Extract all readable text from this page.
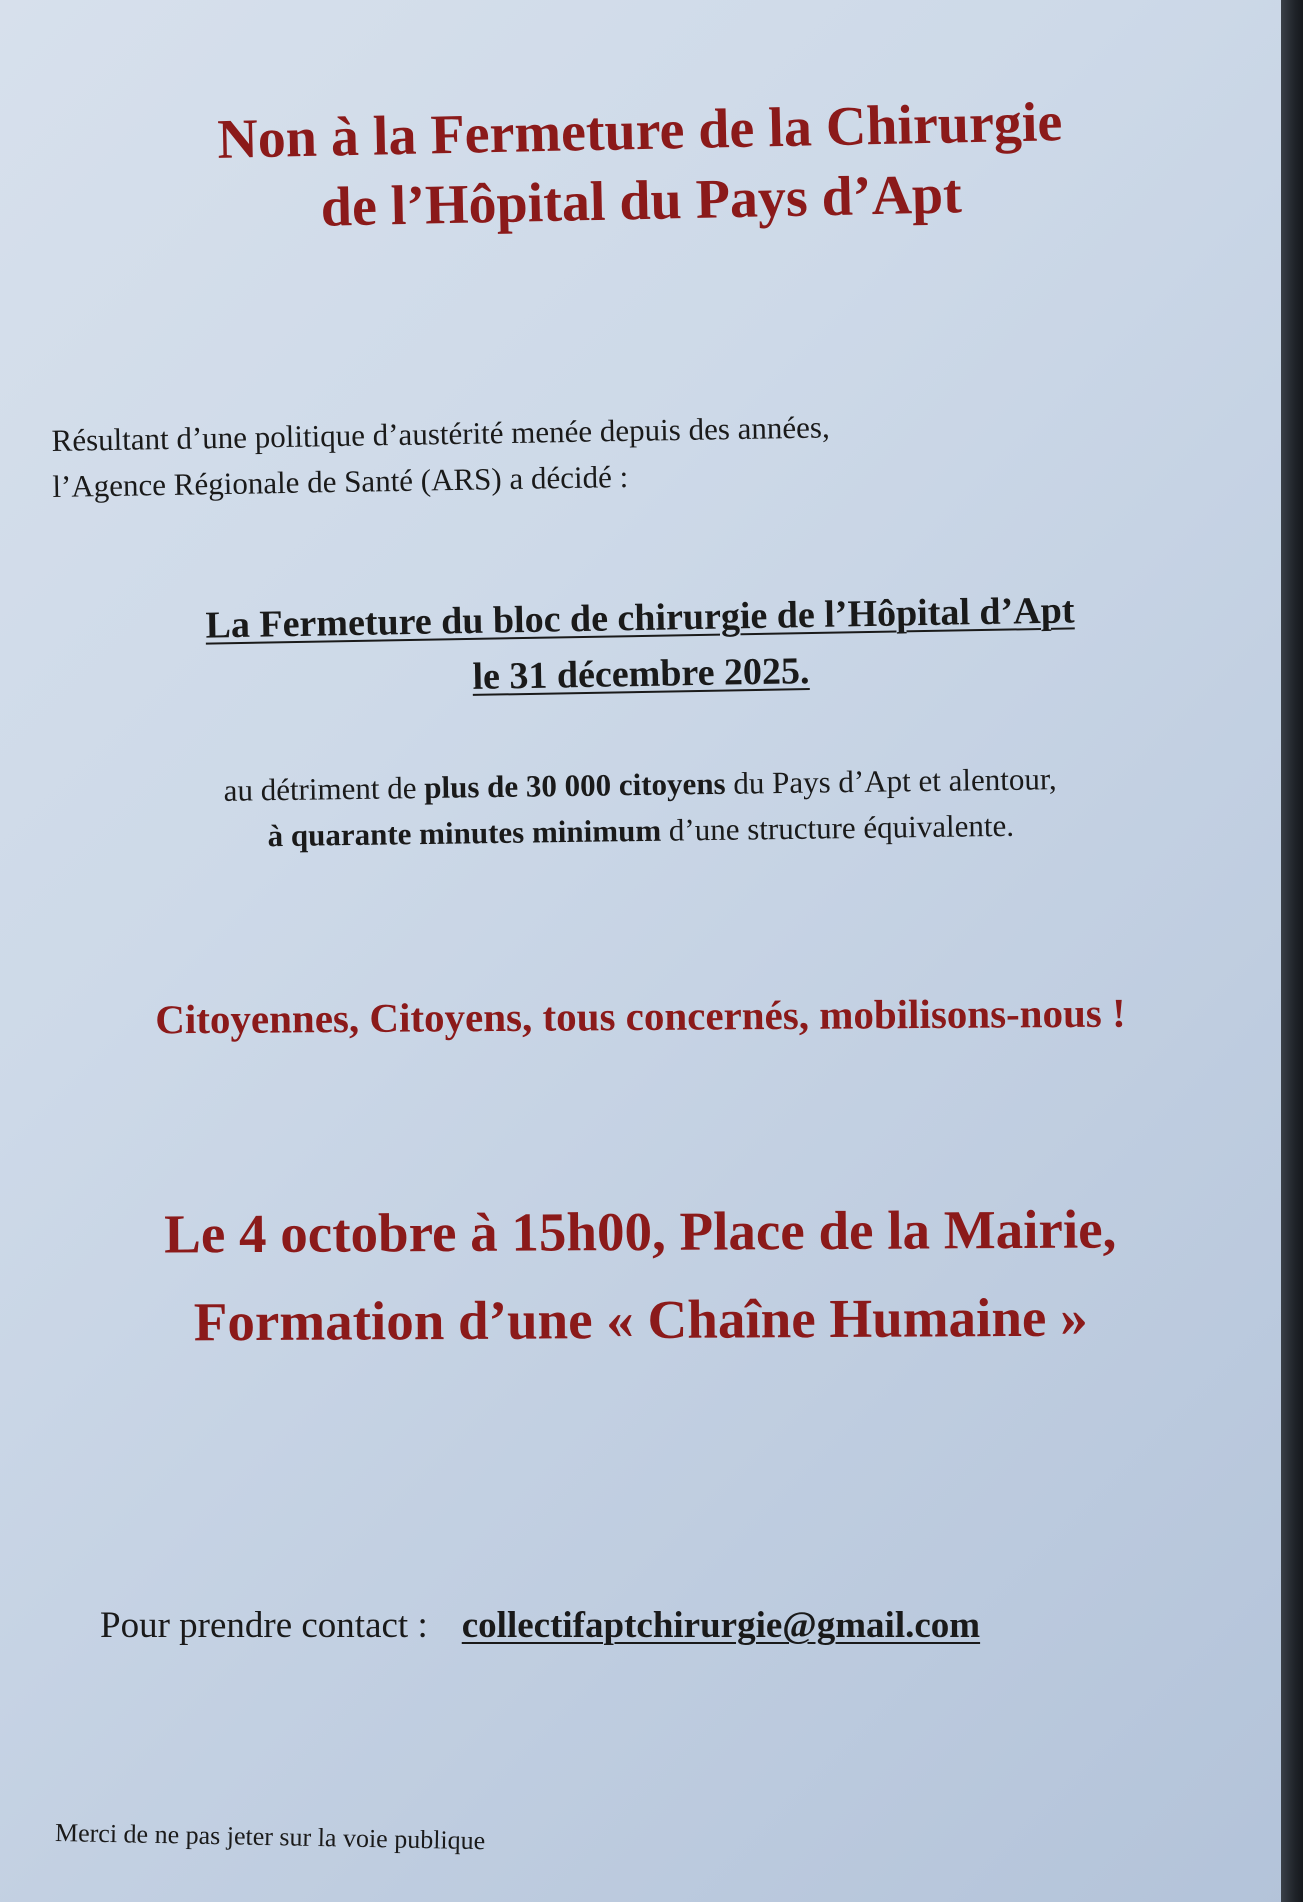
Non à la Fermeture de la Chirurgie
de l’Hôpital du Pays d’Apt
Résultant d’une politique d’austérité menée depuis des années,
l’Agence Régionale de Santé (ARS) a décidé :
La Fermeture du bloc de chirurgie de l’Hôpital d’Apt
le 31 décembre 2025.
au détriment de plus de 30 000 citoyens du Pays d’Apt et alentour,
à quarante minutes minimum d’une structure équivalente.
Citoyennes, Citoyens, tous concernés, mobilisons-nous !
Le 4 octobre à 15h00, Place de la Mairie,
Formation d’une « Chaîne Humaine »
Pour prendre contact : collectifaptchirurgie@gmail.com
Merci de ne pas jeter sur la voie publique
